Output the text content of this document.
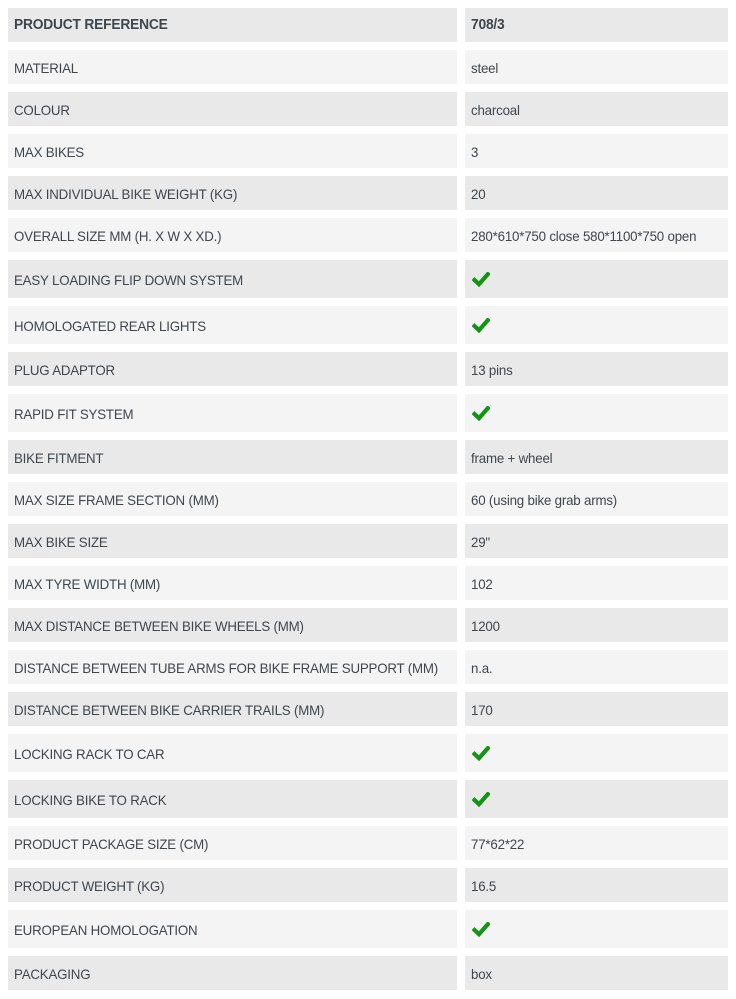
PRODUCT REFERENCE	708/3
MATERIAL	steel
COLOUR	charcoal
MAX BIKES	3
MAX INDIVIDUAL BIKE WEIGHT (KG)	20
OVERALL SIZE MM (H. X W X XD.)	280*610*750 close 580*1100*750 open
EASY LOADING FLIP DOWN SYSTEM
HOMOLOGATED REAR LIGHTS
PLUG ADAPTOR	13 pins
RAPID FIT SYSTEM
BIKE FITMENT	frame + wheel
MAX SIZE FRAME SECTION (MM)	60 (using bike grab arms)
MAX BIKE SIZE	29"
MAX TYRE WIDTH (MM)	102
MAX DISTANCE BETWEEN BIKE WHEELS (MM)	1200
DISTANCE BETWEEN TUBE ARMS FOR BIKE FRAME SUPPORT (MM) n.a.
DISTANCE BETWEEN BIKE CARRIER TRAILS (MM)	170
LOCKING RACK TO CAR
LOCKING BIKE TO RACK
PRODUCT PACKAGE SIZE (CM)	77*62*22
PRODUCT WEIGHT (KG)	16.5
EUROPEAN HOMOLOGATION
PACKAGING	box
